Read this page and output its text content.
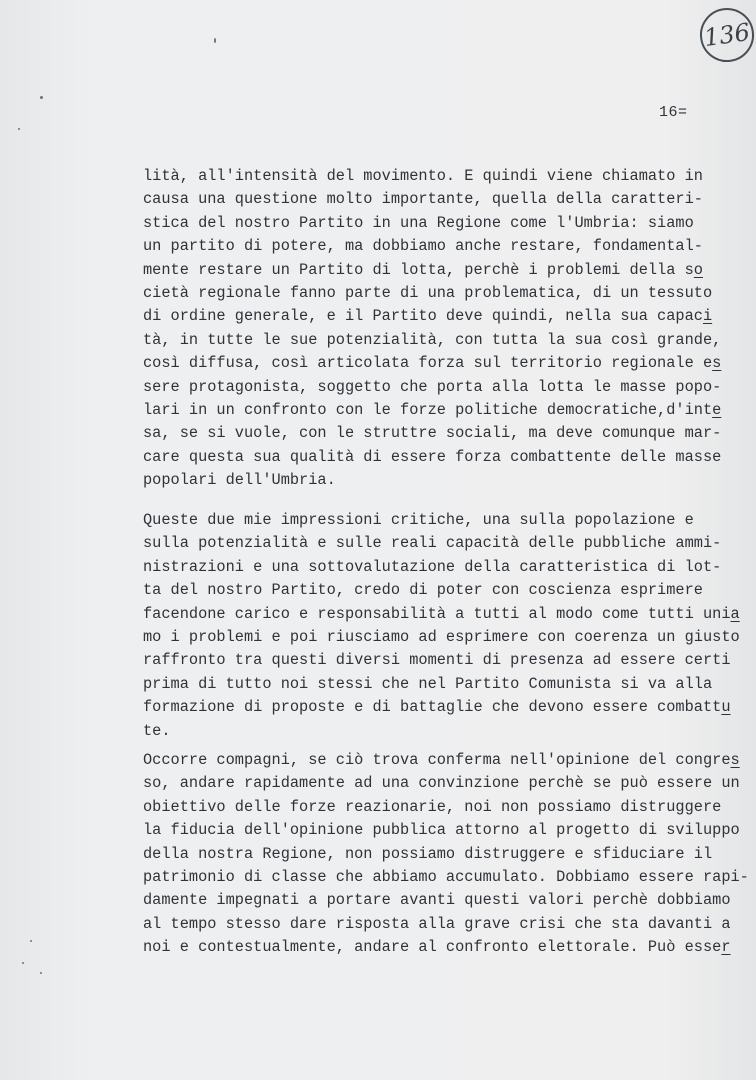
136
16=
lità, all'intensità del movimento. E quindi viene chiamato in
causa una questione molto importante, quella della caratteri-
stica del nostro Partito in una Regione come l'Umbria: siamo
un partito di potere, ma dobbiamo anche restare, fondamental-
mente restare un Partito di lotta, perchè i problemi della so
cietà regionale fanno parte di una problematica, di un tessuto
di ordine generale, e il Partito deve quindi, nella sua capaci
tà, in tutte le sue potenzialità, con tutta la sua così grande,
così diffusa, così articolata forza sul territorio regionale es
sere protagonista, soggetto che porta alla lotta le masse popo-
lari in un confronto con le forze politiche democratiche,d'inte
sa, se si vuole, con le struttre sociali, ma deve comunque mar-
care questa sua qualità di essere forza combattente delle masse
popolari dell'Umbria.
Queste due mie impressioni critiche, una sulla popolazione e
sulla potenzialità e sulle reali capacità delle pubbliche ammi-
nistrazioni e una sottovalutazione della caratteristica di lot-
ta del nostro Partito, credo di poter con coscienza esprimere
facendone carico e responsabilità a tutti al modo come tutti unia
mo i problemi e poi riusciamo ad esprimere con coerenza un giusto
raffronto tra questi diversi momenti di presenza ad essere certi
prima di tutto noi stessi che nel Partito Comunista si va alla
formazione di proposte e di battaglie che devono essere combattu
te.
Occorre compagni, se ciò trova conferma nell'opinione del congres
so, andare rapidamente ad una convinzione perchè se può essere un
obiettivo delle forze reazionarie, noi non possiamo distruggere
la fiducia dell'opinione pubblica attorno al progetto di sviluppo
della nostra Regione, non possiamo distruggere e sfiduciare il
patrimonio di classe che abbiamo accumulato. Dobbiamo essere rapi-
damente impegnati a portare avanti questi valori perchè dobbiamo
al tempo stesso dare risposta alla grave crisi che sta davanti a
noi e contestualmente, andare al confronto elettorale. Può esser
